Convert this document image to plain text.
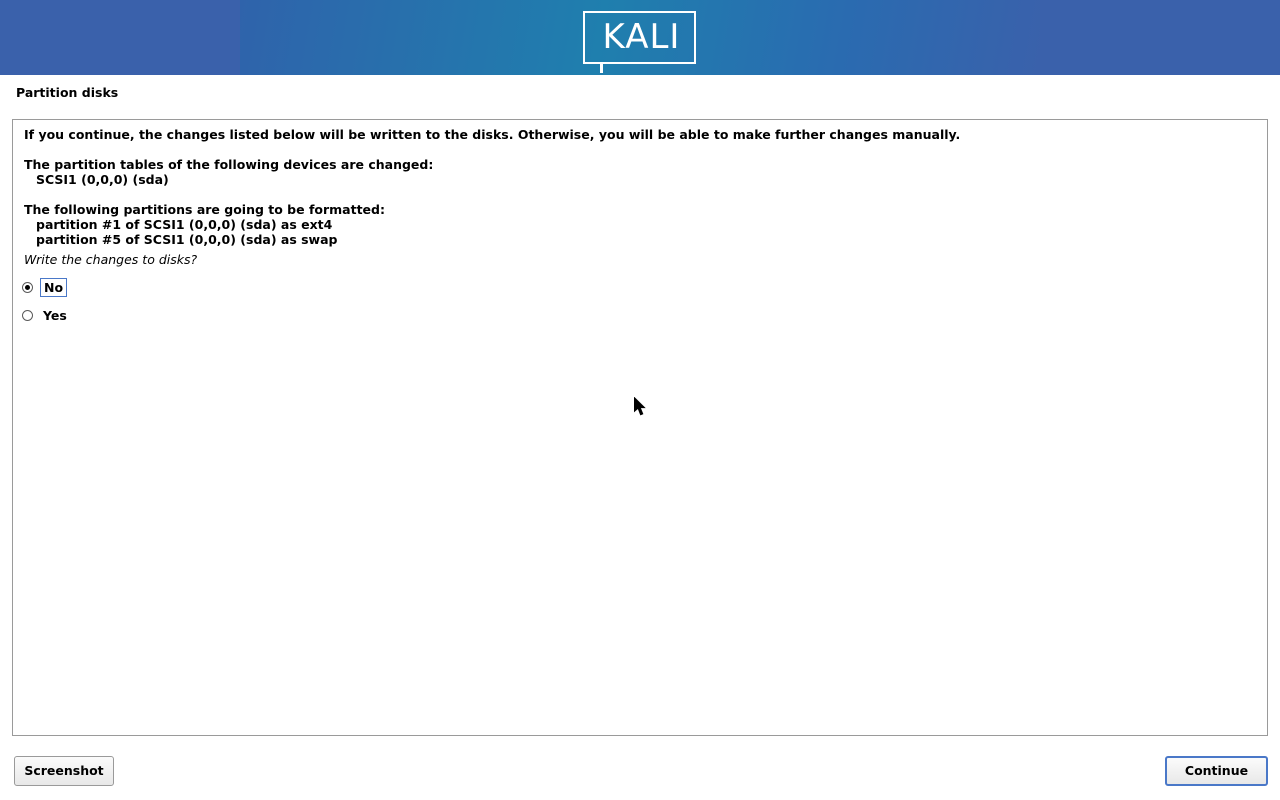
KALI
Partition disks
If you continue, the changes listed below will be written to the disks. Otherwise, you will be able to make further changes manually.
The partition tables of the following devices are changed:
SCSI1 (0,0,0) (sda)
The following partitions are going to be formatted:
partition #1 of SCSI1 (0,0,0) (sda) as ext4
partition #5 of SCSI1 (0,0,0) (sda) as swap
Write the changes to disks?
No
Yes
Screenshot	Continue
